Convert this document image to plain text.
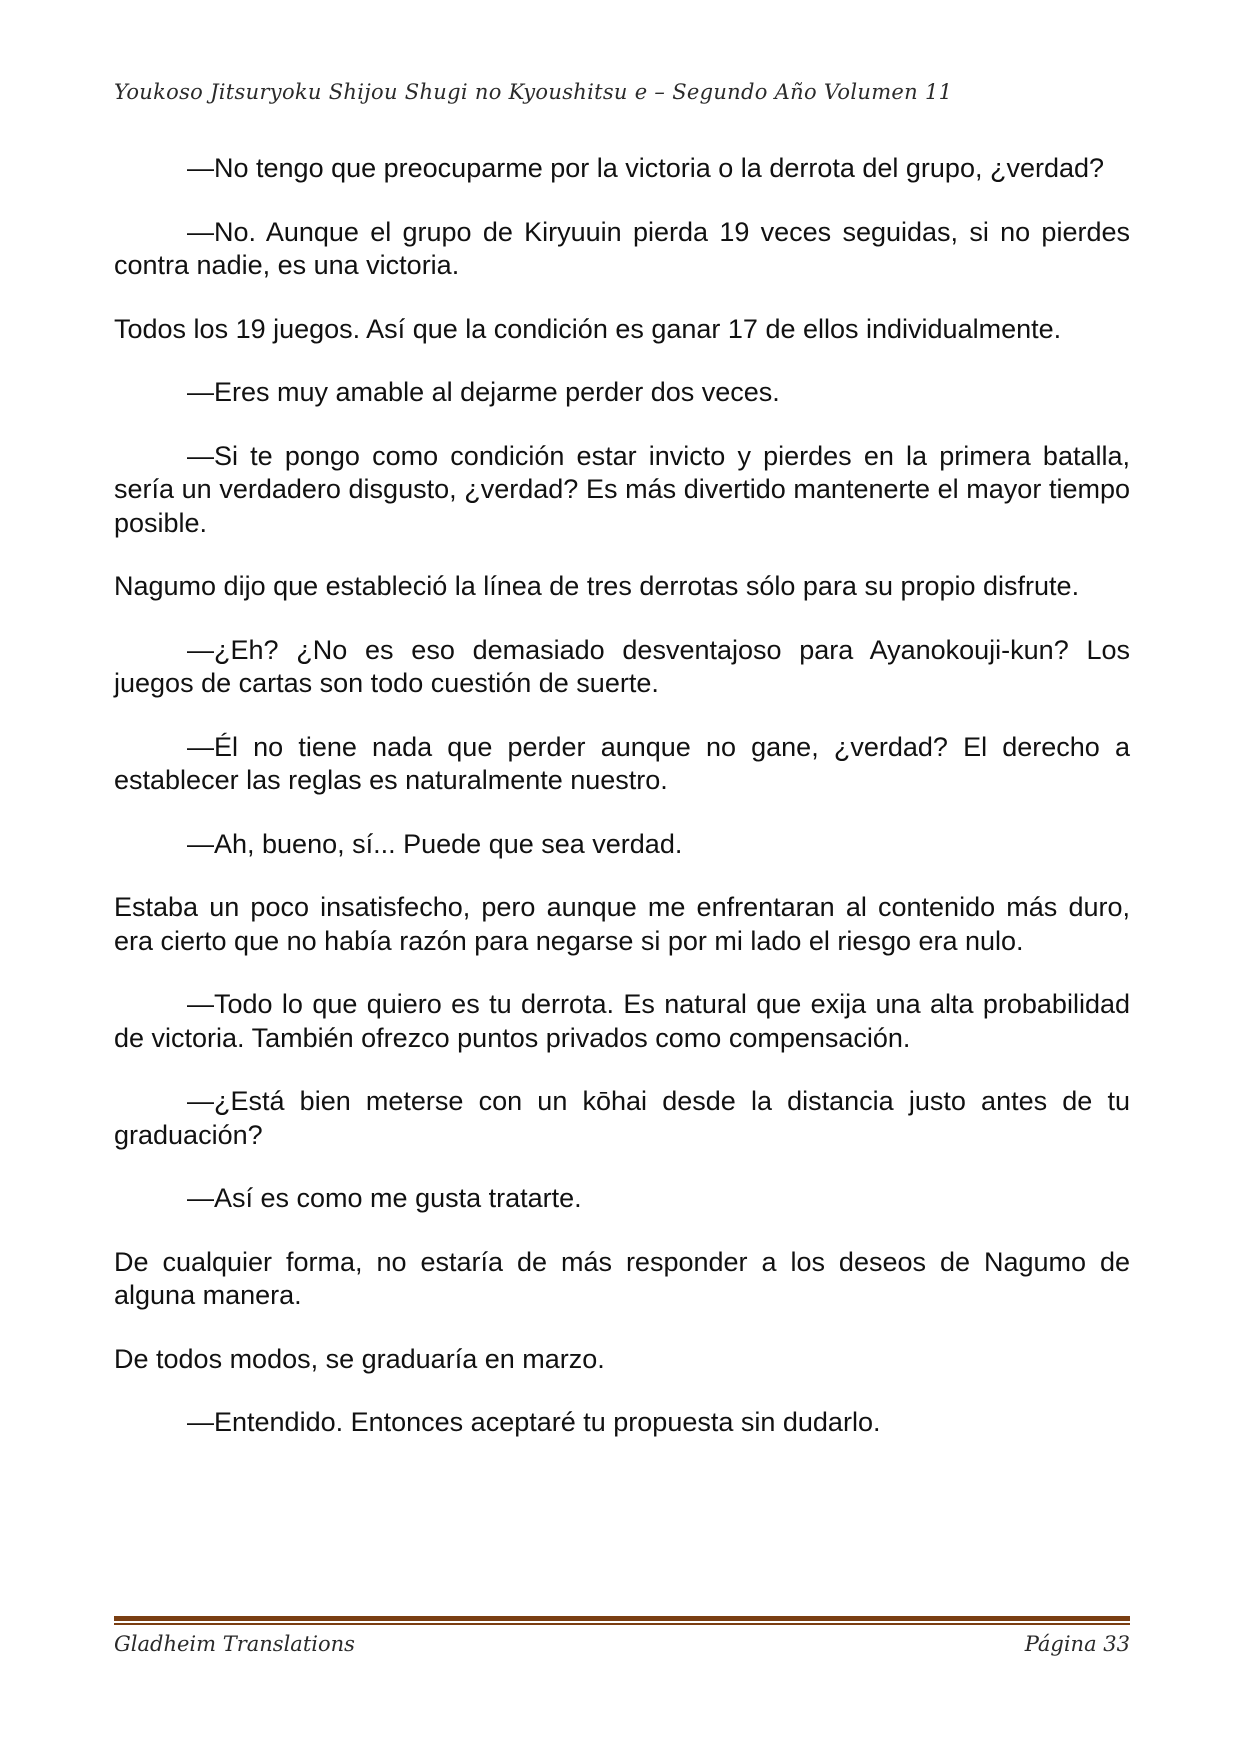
Youkoso Jitsuryoku Shijou Shugi no Kyoushitsu e – Segundo Año Volumen 11

—No tengo que preocuparme por la victoria o la derrota del grupo, ¿verdad?

—No. Aunque el grupo de Kiryuuin pierda 19 veces seguidas, si no pierdes contra nadie, es una victoria.

Todos los 19 juegos. Así que la condición es ganar 17 de ellos individualmente.

—Eres muy amable al dejarme perder dos veces.

—Si te pongo como condición estar invicto y pierdes en la primera batalla, sería un verdadero disgusto, ¿verdad? Es más divertido mantenerte el mayor tiempo posible.

Nagumo dijo que estableció la línea de tres derrotas sólo para su propio disfrute.

—¿Eh? ¿No es eso demasiado desventajoso para Ayanokouji-kun? Los juegos de cartas son todo cuestión de suerte.

—Él no tiene nada que perder aunque no gane, ¿verdad? El derecho a establecer las reglas es naturalmente nuestro.

—Ah, bueno, sí... Puede que sea verdad.

Estaba un poco insatisfecho, pero aunque me enfrentaran al contenido más duro, era cierto que no había razón para negarse si por mi lado el riesgo era nulo.

—Todo lo que quiero es tu derrota. Es natural que exija una alta probabilidad de victoria. También ofrezco puntos privados como compensación.

—¿Está bien meterse con un kōhai desde la distancia justo antes de tu graduación?

—Así es como me gusta tratarte.

De cualquier forma, no estaría de más responder a los deseos de Nagumo de alguna manera.

De todos modos, se graduaría en marzo.

—Entendido. Entonces aceptaré tu propuesta sin dudarlo.

Gladheim Translations	Página 33
